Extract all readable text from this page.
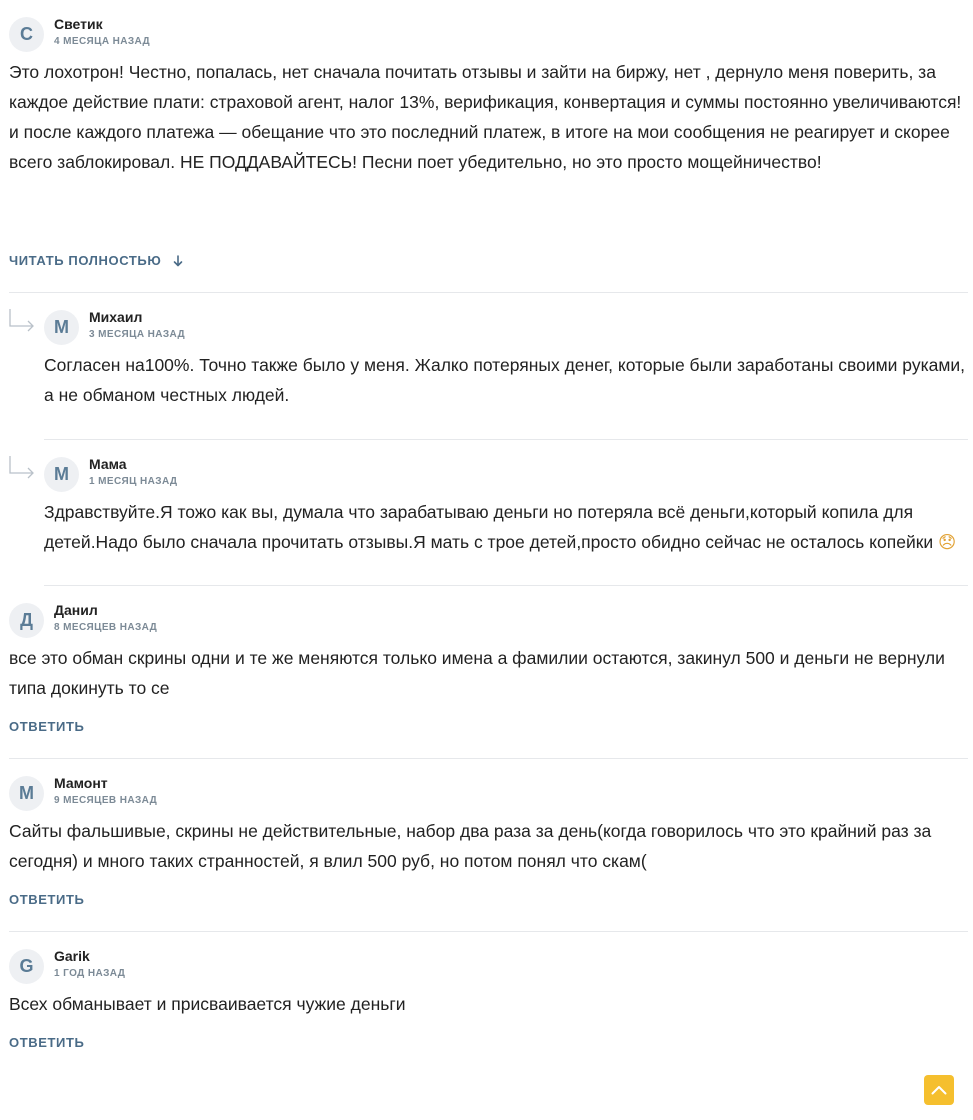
С	Светик
4 МЕСЯЦА НАЗАД
Это лохотрон! Честно, попалась, нет сначала почитать отзывы и зайти на биржу, нет , дернуло меня поверить, за каждое действие плати: страховой агент, налог 13%, верификация, конвертация и суммы постоянно увеличиваются!и после каждого платежа — обещание что это последний платеж, в итоге на мои сообщения не реагирует и скорее всего заблокировал. НЕ ПОДДАВАЙТЕСЬ! Песни поет убедительно, но это просто мощейничество!
ЧИТАТЬ ПОЛНОСТЬЮ
М	Михаил
3 МЕСЯЦА НАЗАД
Согласен на100%. Точно также было у меня. Жалко потеряных денег, которые были заработаны своими руками, а не обманом честных людей.
М	Мама
1 МЕСЯЦ НАЗАД
Здравствуйте.Я тожо как вы, думала что зарабатываю деньги но потеряла всё деньги,который копила для детей.Надо было сначала прочитать отзывы.Я мать с трое детей,просто обидно сейчас не осталось копейки 😞
Д	Данил
8 МЕСЯЦЕВ НАЗАД
все это обман скрины одни и те же меняются только имена а фамилии остаются, закинул 500 и деньги не вернули типа докинуть то се
ОТВЕТИТЬ
М	Мамонт
9 МЕСЯЦЕВ НАЗАД
Сайты фальшивые, скрины не действительные, набор два раза за день(когда говорилось что это крайний раз за сегодня) и много таких странностей, я влил 500 руб, но потом понял что скам(
ОТВЕТИТЬ
G	Garik
1 ГОД НАЗАД
Всех обманывает и присваивается чужие деньги
ОТВЕТИТЬ
